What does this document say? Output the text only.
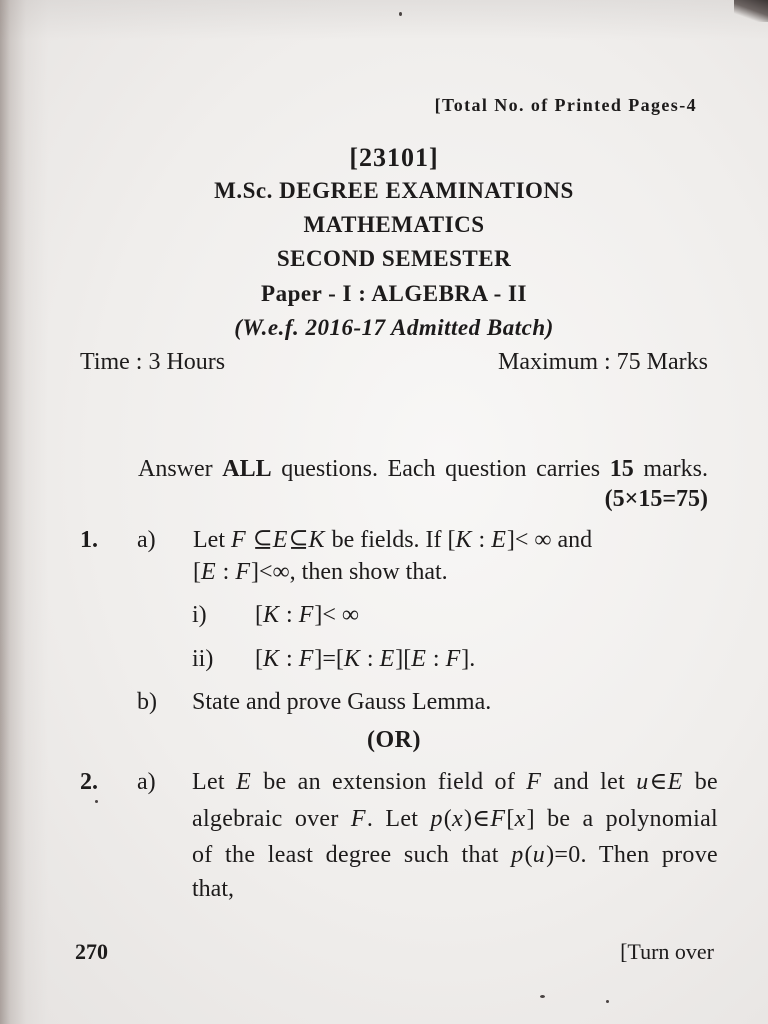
[Total No. of Printed Pages-4
[23101]
M.Sc. DEGREE EXAMINATIONS
MATHEMATICS
SECOND SEMESTER
Paper - I : ALGEBRA - II
(W.e.f. 2016-17 Admitted Batch)
Time : 3 Hours	Maximum : 75 Marks
Answer ALL questions. Each question carries 15 marks.
(5×15=75)
1. a) Let F ⊆E⊆K be fields. If [K : E]< ∞ and
[E : F]<∞, then show that.
i) [K : F]< ∞
ii) [K : F]=[K : E][E : F].
b) State and prove Gauss Lemma.
(OR)
2. a) Let E be an extension field of F and let u∈E be
algebraic over F. Let p(x)∈F[x] be a polynomial
of the least degree such that p(u)=0. Then prove
that,
270	[Turn over
